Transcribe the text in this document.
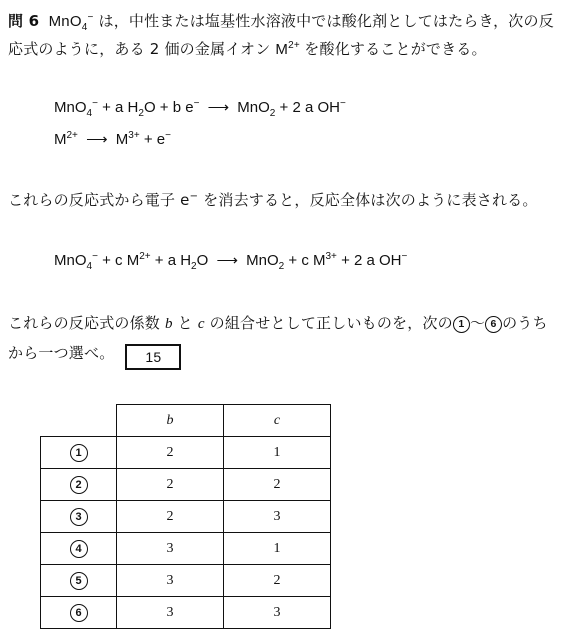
問 6 MnO$_4$− は，中性または塩基性水溶液中では酸化剤としてはたらき，次の反
応式のように，ある 2 価の金属イオン $M^{2+}$ を酸化することができる。
MnO$_4$− + a $H_2O + b$ e− ⟶ MnO$_2$ + 2 a OH−
$M^{2+}$ ⟶ $M^{3+} + e^-$
これらの反応式から電子 e− を消去すると，反応全体は次のように表される。
MnO$_4$− + c $M^{2+} + a$ $H_2O$ ⟶ MnO$_2$ + c $M^{3+} + 2$ a OH−
これらの反応式の係数 b と c の組合せとして正しいものを，次の 1 ～ 6 のうち
から一つ選べ。 15
	b	c
1	2	1
2	2	2
3	2	3
4	3	1
5	3	2
6	3	3
